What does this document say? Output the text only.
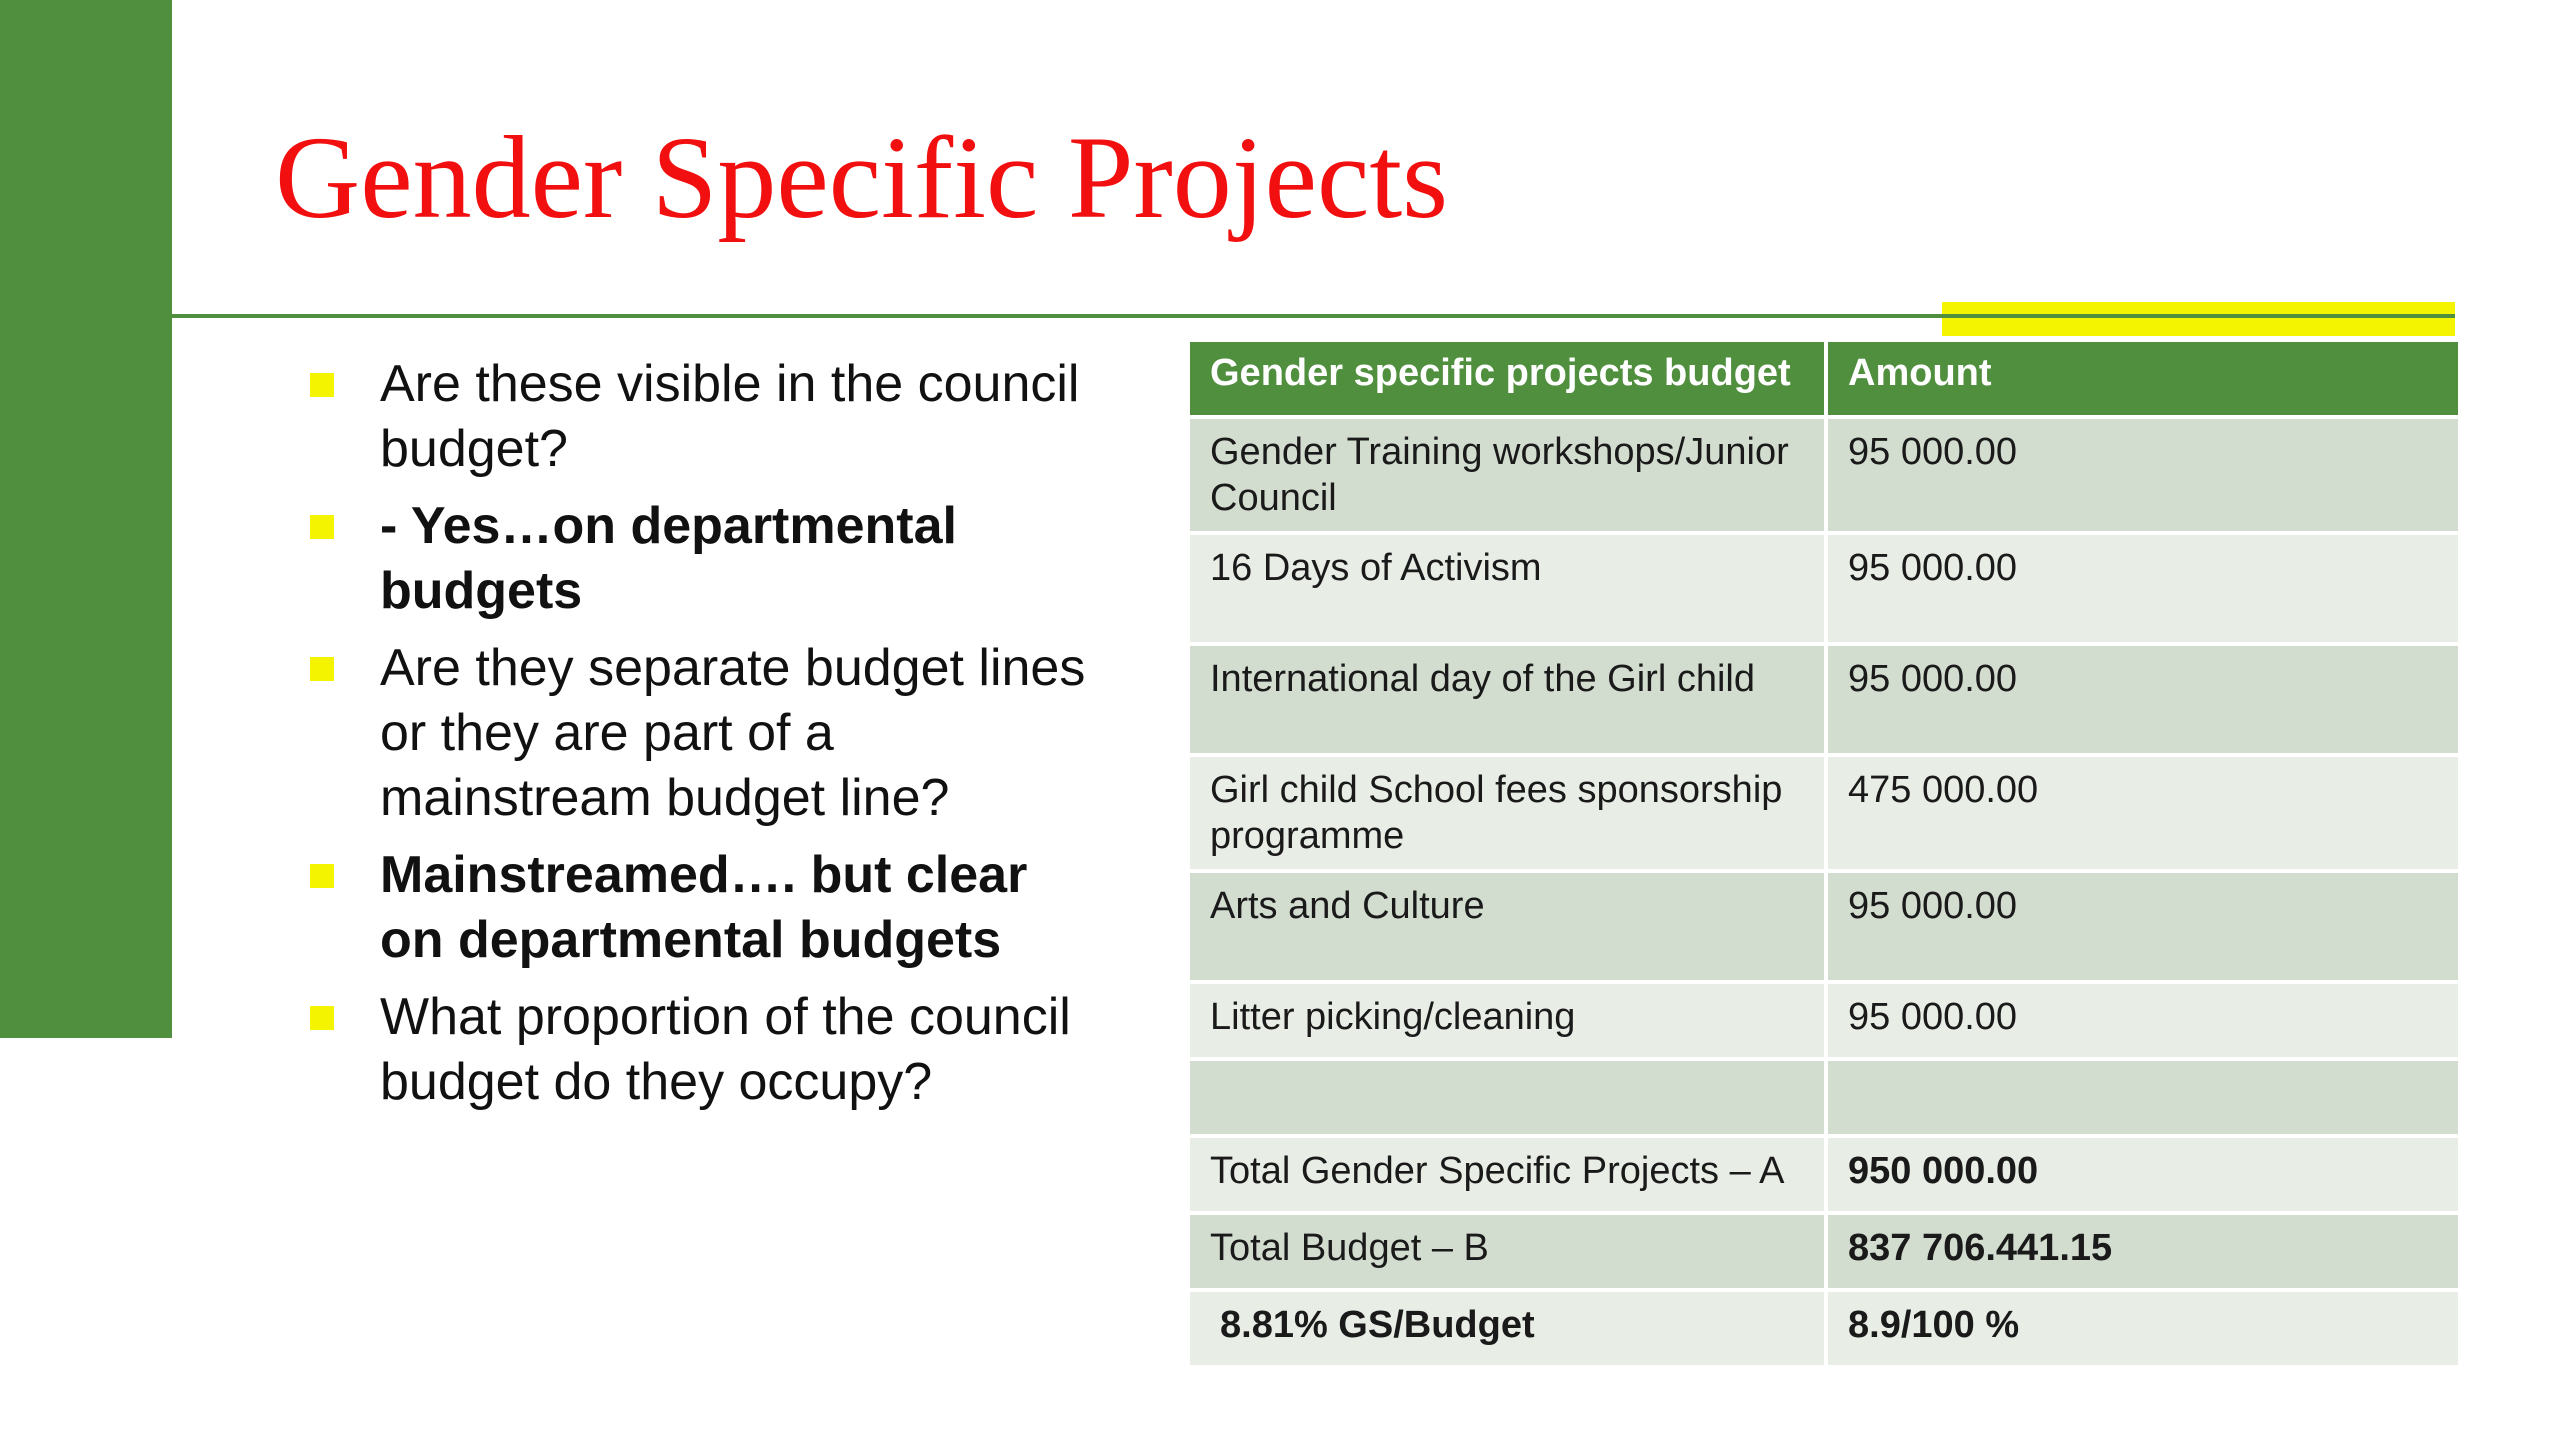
Gender Specific Projects
Are these visible in the council budget?
- Yes…on departmental budgets
Are they separate budget lines or they are part of a mainstream budget line?
Mainstreamed…. but clear on departmental budgets
What proportion of the council budget do they occupy?
Gender specific projects budget	Amount
Gender Training workshops/Junior Council	95 000.00
16 Days of Activism	95 000.00
International day of the Girl child	95 000.00
Girl child School fees sponsorship programme	475 000.00
Arts and Culture	95 000.00
Litter picking/cleaning	95 000.00

Total Gender Specific Projects – A	950 000.00
Total Budget – B	837 706.441.15
8.81% GS/Budget	8.9/100 %
